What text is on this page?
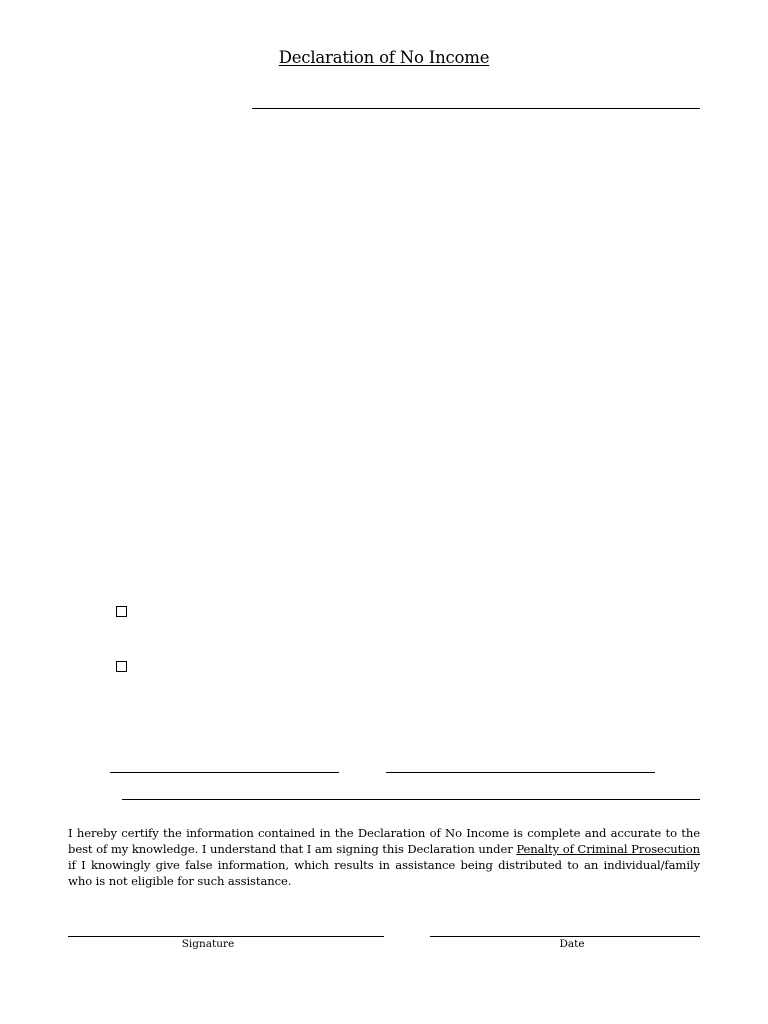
Declaration of No Income
I hereby certify the information contained in the Declaration of No Income is complete and accurate to the best of my knowledge. I understand that I am signing this Declaration under Penalty of Criminal Prosecution if I knowingly give false information, which results in assistance being distributed to an individual/family who is not eligible for such assistance.
Signature	Date
